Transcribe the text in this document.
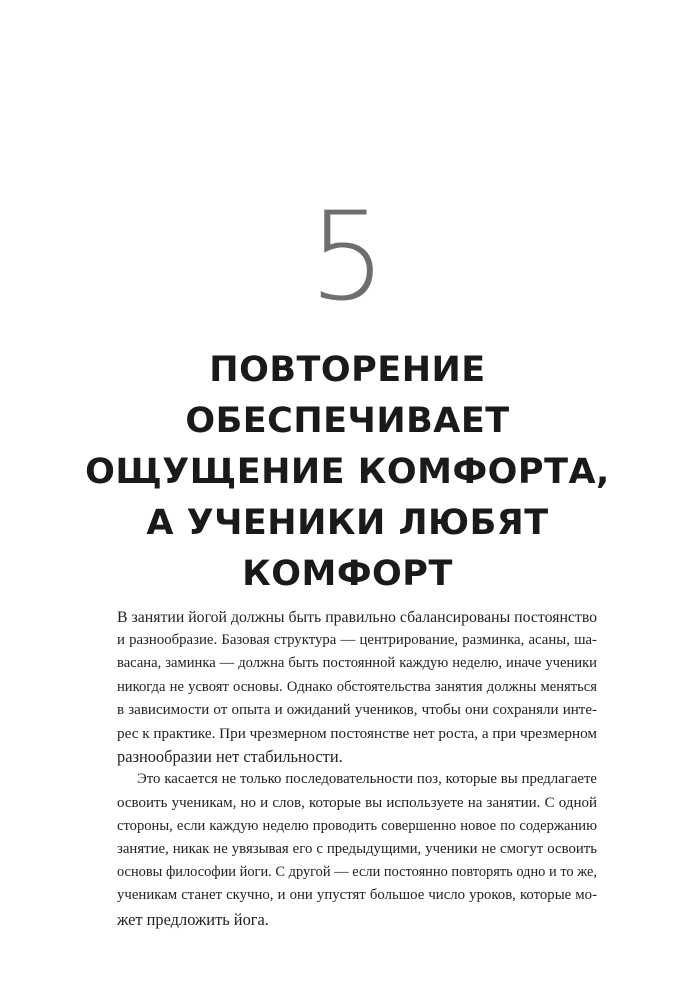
5
ПОВТОРЕНИЕ
ОБЕСПЕЧИВАЕТ
ОЩУЩЕНИЕ КОМФОРТА,
А УЧЕНИКИ ЛЮБЯТ
КОМФОРТ
В занятии йогой должны быть правильно сбалансированы постоянство
и разнообразие. Базовая структура — центрирование, разминка, асаны, ша-
васана, заминка — должна быть постоянной каждую неделю, иначе ученики
никогда не усвоят основы. Однако обстоятельства занятия должны меняться
в зависимости от опыта и ожиданий учеников, чтобы они сохраняли инте-
рес к практике. При чрезмерном постоянстве нет роста, а при чрезмерном
разнообразии нет стабильности.
Это касается не только последовательности поз, которые вы предлагаете
освоить ученикам, но и слов, которые вы используете на занятии. С одной
стороны, если каждую неделю проводить совершенно новое по содержанию
занятие, никак не увязывая его с предыдущими, ученики не смогут освоить
основы философии йоги. С другой — если постоянно повторять одно и то же,
ученикам станет скучно, и они упустят большое число уроков, которые мо-
жет предложить йога.
